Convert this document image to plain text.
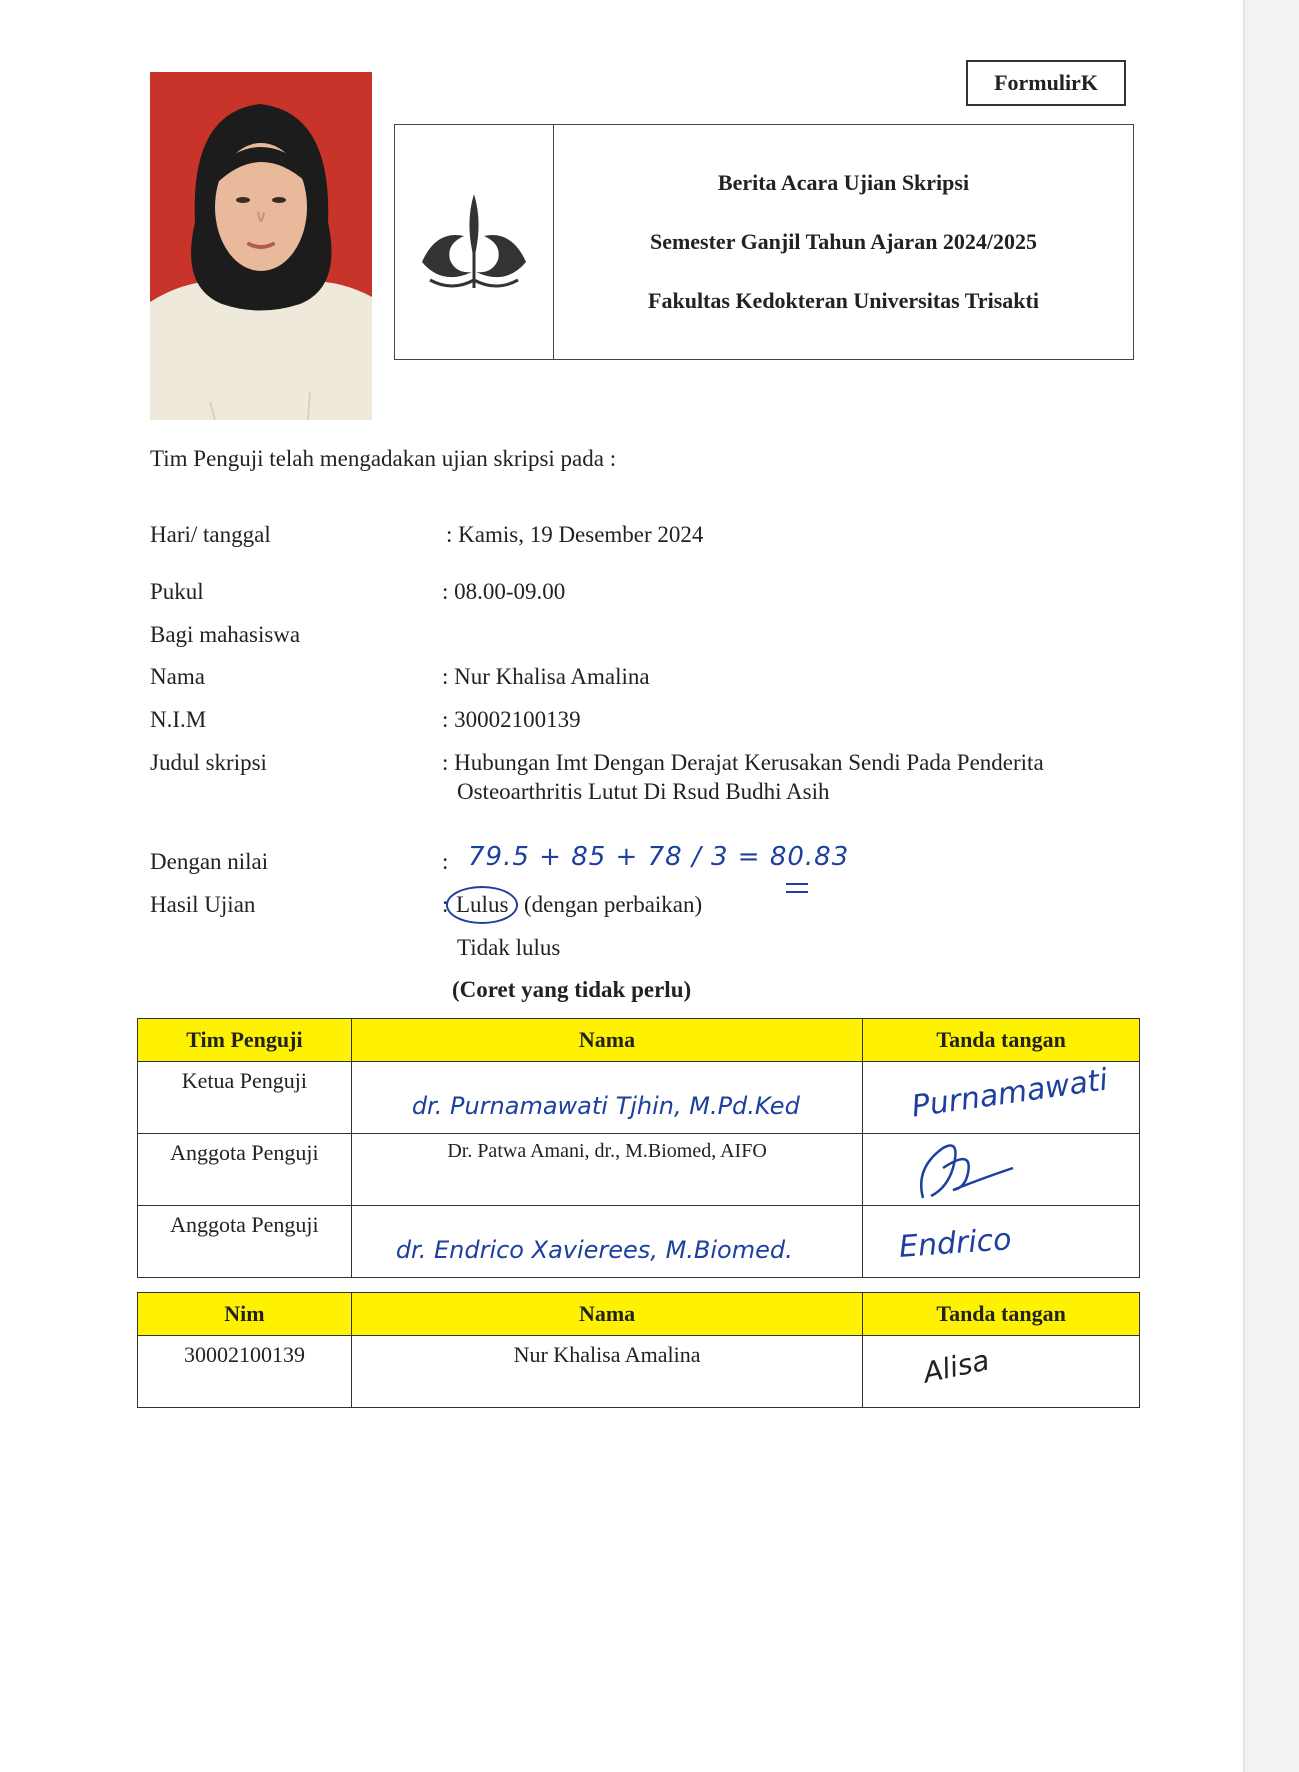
FormulirK
Berita Acara Ujian Skripsi
Semester Ganjil Tahun Ajaran 2024/2025
Fakultas Kedokteran Universitas Trisakti
Tim Penguji telah mengadakan ujian skripsi pada :
Hari/ tanggal	: Kamis, 19 Desember 2024
Pukul	: 08.00-09.00
Bagi mahasiswa
Nama	: Nur Khalisa Amalina
N.I.M	: 30002100139
Judul skripsi	: Hubungan Imt Dengan Derajat Kerusakan Sendi Pada Penderita
Osteoarthritis Lutut Di Rsud Budhi Asih
Dengan nilai	: 79.5 + 85 + 78 / 3 = 80.83
Hasil Ujian	: Lulus (dengan perbaikan)
Tidak lulus
(Coret yang tidak perlu)
Tim Penguji	Nama	Tanda tangan
Ketua Penguji	dr. Purnamawati Tjhin, M.Pd.Ked	Purnamawati

Anggota Penguji	Dr. Patwa Amani, dr., M.Biomed, AIFO	

Anggota Penguji	dr. Endrico Xavierees, M.Biomed.	Endrico
Nim	Nama	Tanda tangan
30002100139	Nur Khalisa Amalina	Alisa
